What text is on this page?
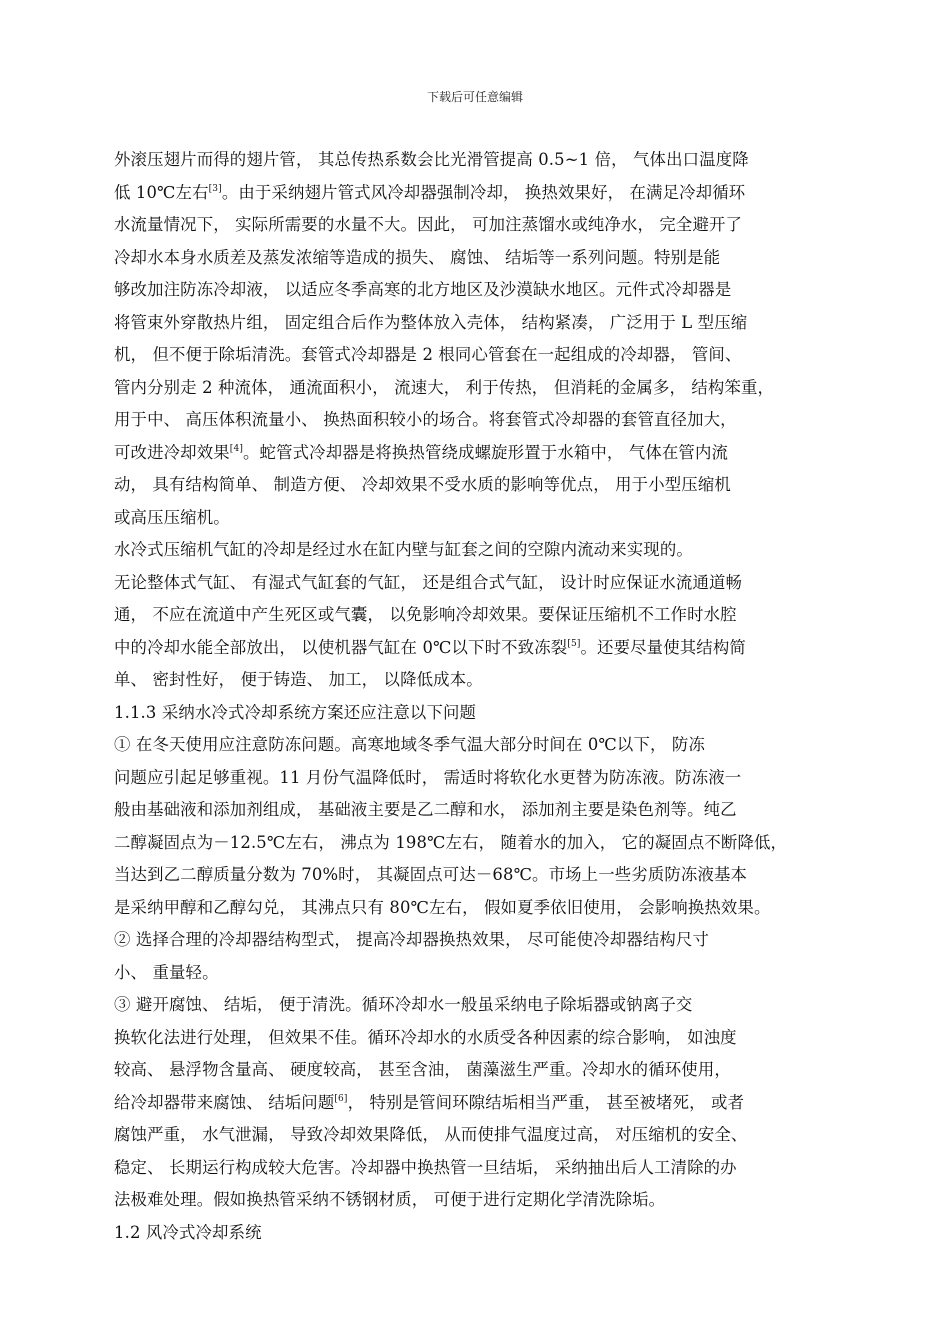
下载后可任意编辑
外滚压翅片而得的翅片管， 其总传热系数会比光滑管提高 0.5~1 倍， 气体出口温度降
低 10℃左右[3]。由于采纳翅片管式风冷却器强制冷却， 换热效果好， 在满足冷却循环
水流量情况下， 实际所需要的水量不大。因此， 可加注蒸馏水或纯净水， 完全避开了
冷却水本身水质差及蒸发浓缩等造成的损失、 腐蚀、 结垢等一系列问题。特别是能
够改加注防冻冷却液， 以适应冬季高寒的北方地区及沙漠缺水地区。元件式冷却器是
将管束外穿散热片组， 固定组合后作为整体放入壳体， 结构紧凑， 广泛用于 L 型压缩
机， 但不便于除垢清洗。套管式冷却器是 2 根同心管套在一起组成的冷却器， 管间、
管内分别走 2 种流体， 通流面积小， 流速大， 利于传热， 但消耗的金属多， 结构笨重，
用于中、 高压体积流量小、 换热面积较小的场合。将套管式冷却器的套管直径加大，
可改进冷却效果[4]。蛇管式冷却器是将换热管绕成螺旋形置于水箱中， 气体在管内流
动， 具有结构简单、 制造方便、 冷却效果不受水质的影响等优点， 用于小型压缩机
或高压压缩机。
水冷式压缩机气缸的冷却是经过水在缸内壁与缸套之间的空隙内流动来实现的。
无论整体式气缸、 有湿式气缸套的气缸， 还是组合式气缸， 设计时应保证水流通道畅
通， 不应在流道中产生死区或气囊， 以免影响冷却效果。要保证压缩机不工作时水腔
中的冷却水能全部放出， 以使机器气缸在 0℃以下时不致冻裂[5]。还要尽量使其结构简
单、 密封性好， 便于铸造、 加工， 以降低成本。
1.1.3 采纳水冷式冷却系统方案还应注意以下问题
① 在冬天使用应注意防冻问题。高寒地域冬季气温大部分时间在 0℃以下， 防冻
问题应引起足够重视。11 月份气温降低时， 需适时将软化水更替为防冻液。防冻液一
般由基础液和添加剂组成， 基础液主要是乙二醇和水， 添加剂主要是染色剂等。纯乙
二醇凝固点为－12.5℃左右， 沸点为 198℃左右， 随着水的加入， 它的凝固点不断降低，
当达到乙二醇质量分数为 70%时， 其凝固点可达－68℃。市场上一些劣质防冻液基本
是采纳甲醇和乙醇勾兑， 其沸点只有 80℃左右， 假如夏季依旧使用， 会影响换热效果。
② 选择合理的冷却器结构型式， 提高冷却器换热效果， 尽可能使冷却器结构尺寸
小、 重量轻。
③ 避开腐蚀、 结垢， 便于清洗。循环冷却水一般虽采纳电子除垢器或钠离子交
换软化法进行处理， 但效果不佳。循环冷却水的水质受各种因素的综合影响， 如浊度
较高、 悬浮物含量高、 硬度较高， 甚至含油， 菌藻滋生严重。冷却水的循环使用，
给冷却器带来腐蚀、 结垢问题[6]， 特别是管间环隙结垢相当严重， 甚至被堵死， 或者
腐蚀严重， 水气泄漏， 导致冷却效果降低， 从而使排气温度过高， 对压缩机的安全、
稳定、 长期运行构成较大危害。冷却器中换热管一旦结垢， 采纳抽出后人工清除的办
法极难处理。假如换热管采纳不锈钢材质， 可便于进行定期化学清洗除垢。
1.2 风冷式冷却系统
